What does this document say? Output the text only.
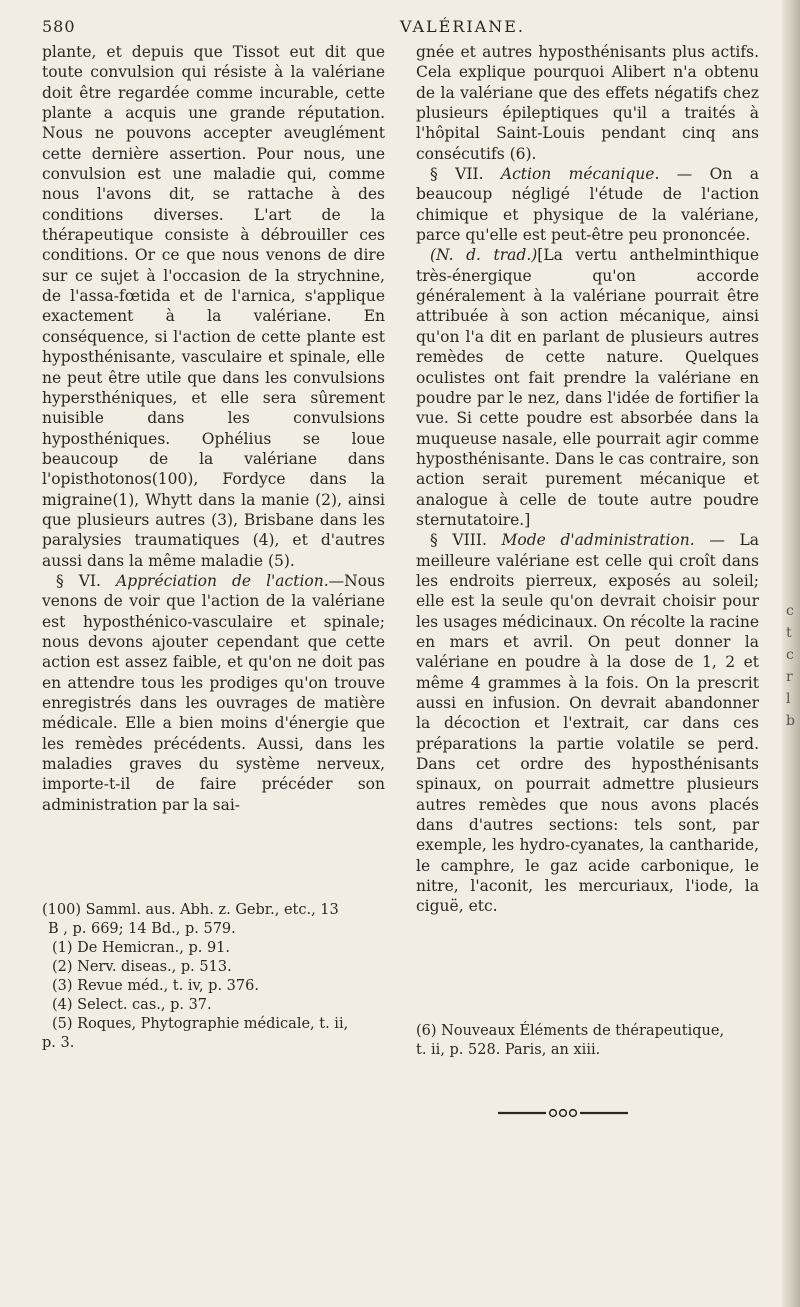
c
t
c
r
l
b
580	VALÉRIANE.

plante, et depuis que Tissot eut dit que toute convulsion qui résiste à la valériane doit être regardée comme incurable, cette plante a acquis une grande réputation. Nous ne pouvons accepter aveuglément cette dernière assertion. Pour nous, une convulsion est une maladie qui, comme nous l'avons dit, se rattache à des conditions diverses. L'art de la thérapeutique consiste à débrouiller ces conditions. Or ce que nous venons de dire sur ce sujet à l'occasion de la strychnine, de l'assa-fœtida et de l'arnica, s'applique exactement à la valériane. En conséquence, si l'action de cette plante est hyposthénisante, vasculaire et spinale, elle ne peut être utile que dans les convulsions hypersthéniques, et elle sera sûrement nuisible dans les convulsions hyposthéniques. Ophélius se loue beaucoup de la valériane dans l'opisthotonos(100), Fordyce dans la migraine(1), Whytt dans la manie (2), ainsi que plusieurs autres (3), Brisbane dans les paralysies traumatiques (4), et d'autres aussi dans la même maladie (5).

§ VI. Appréciation de l'action.—Nous venons de voir que l'action de la valériane est hyposthénico-vasculaire et spinale; nous devons ajouter cependant que cette action est assez faible, et qu'on ne doit pas en attendre tous les prodiges qu'on trouve enregistrés dans les ouvrages de matière médicale. Elle a bien moins d'énergie que les remèdes précédents. Aussi, dans les maladies graves du système nerveux, importe-t-il de faire précéder son administration par la sai-

(100) Samml. aus. Abh. z. Gebr., etc., 13
B , p. 669; 14 Bd., p. 579.
(1) De Hemicran., p. 91.
(2) Nerv. diseas., p. 513.
(3) Revue méd., t. iv, p. 376.
(4) Select. cas., p. 37.
(5) Roques, Phytographie médicale, t. ii,
p. 3.

gnée et autres hyposthénisants plus actifs. Cela explique pourquoi Alibert n'a obtenu de la valériane que des effets négatifs chez plusieurs épileptiques qu'il a traités à l'hôpital Saint-Louis pendant cinq ans consécutifs (6).

§ VII. Action mécanique. — On a beaucoup négligé l'étude de l'action chimique et physique de la valériane, parce qu'elle est peut-être peu prononcée.

(N. d. trad.)[La vertu anthelminthique très-énergique qu'on accorde généralement à la valériane pourrait être attribuée à son action mécanique, ainsi qu'on l'a dit en parlant de plusieurs autres remèdes de cette nature. Quelques oculistes ont fait prendre la valériane en poudre par le nez, dans l'idée de fortifier la vue. Si cette poudre est absorbée dans la muqueuse nasale, elle pourrait agir comme hyposthénisante. Dans le cas contraire, son action serait purement mécanique et analogue à celle de toute autre poudre sternutatoire.]

§ VIII. Mode d'administration. — La meilleure valériane est celle qui croît dans les endroits pierreux, exposés au soleil; elle est la seule qu'on devrait choisir pour les usages médicinaux. On récolte la racine en mars et avril. On peut donner la valériane en poudre à la dose de 1, 2 et même 4 grammes à la fois. On la prescrit aussi en infusion. On devrait abandonner la décoction et l'extrait, car dans ces préparations la partie volatile se perd. Dans cet ordre des hyposthénisants spinaux, on pourrait admettre plusieurs autres remèdes que nous avons placés dans d'autres sections: tels sont, par exemple, les hydro-cyanates, la cantharide, le camphre, le gaz acide carbonique, le nitre, l'aconit, les mercuriaux, l'iode, la ciguë, etc.

(6) Nouveaux Éléments de thérapeutique,
t. ii, p. 528. Paris, an xiii.
